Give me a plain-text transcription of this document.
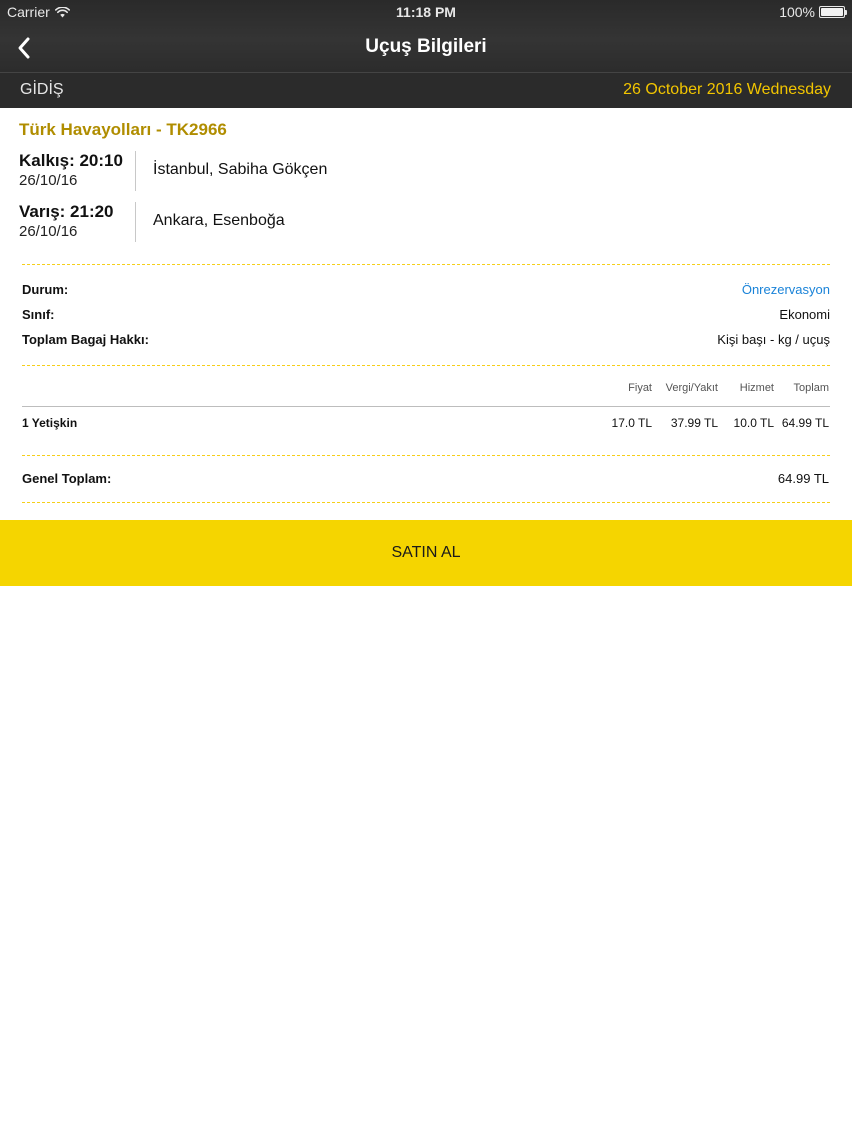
Carrier	11:18 PM	100%
Uçuş Bilgileri
GİDİŞ	26 October 2016 Wednesday
Türk Havayolları - TK2966
Kalkış: 20:10
26/10/16
İstanbul, Sabiha Gökçen
Varış: 21:20
26/10/16
Ankara, Esenboğa
Durum:	Önrezervasyon
Sınıf:	Ekonomi
Toplam Bagaj Hakkı:	Kişi başı - kg / uçuş
Fiyat Vergi/Yakıt Hizmet Toplam
1 Yetişkin	17.0 TL 37.99 TL 10.0 TL 64.99 TL
Genel Toplam:	64.99 TL
SATIN AL
